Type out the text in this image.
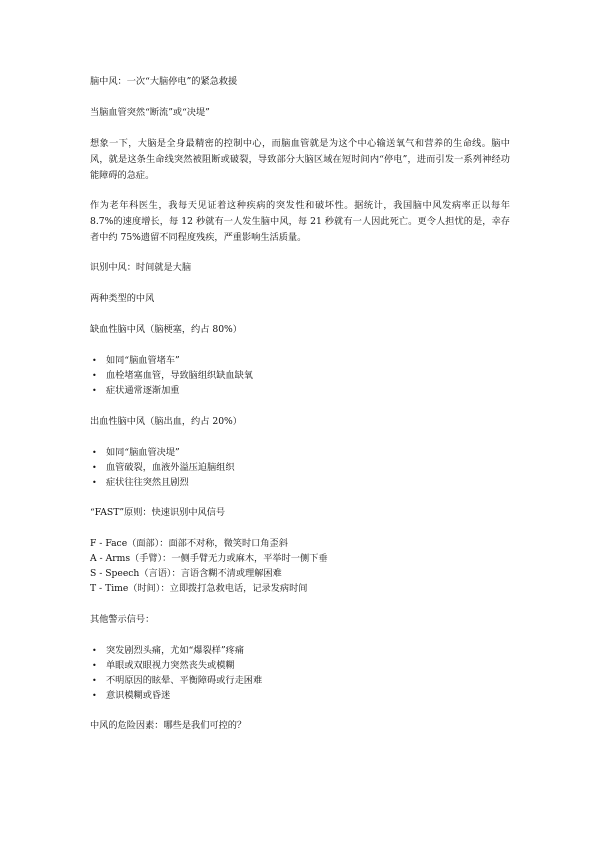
脑中风：一次“大脑停电”的紧急救援

当脑血管突然“断流”或“决堤”

想象一下，大脑是全身最精密的控制中心，而脑血管就是为这个中心输送氧气和营养的生命线。脑中风，就是这条生命线突然被阻断或破裂，导致部分大脑区域在短时间内“停电”，进而引发一系列神经功能障碍的急症。

作为老年科医生，我每天见证着这种疾病的突发性和破坏性。据统计，我国脑中风发病率正以每年 8.7%的速度增长，每 12 秒就有一人发生脑中风，每 21 秒就有一人因此死亡。更令人担忧的是，幸存者中约 75%遗留不同程度残疾，严重影响生活质量。

识别中风：时间就是大脑

两种类型的中风

缺血性脑中风（脑梗塞，约占 80%）

• 如同“脑血管堵车”
• 血栓堵塞血管，导致脑组织缺血缺氧
• 症状通常逐渐加重

出血性脑中风（脑出血，约占 20%）

• 如同“脑血管决堤”
• 血管破裂，血液外溢压迫脑组织
• 症状往往突然且剧烈

“FAST”原则：快速识别中风信号

F - Face（面部）：面部不对称，微笑时口角歪斜

A - Arms（手臂）：一侧手臂无力或麻木，平举时一侧下垂

S - Speech（言语）：言语含糊不清或理解困难

T - Time（时间）：立即拨打急救电话，记录发病时间

其他警示信号：

• 突发剧烈头痛，尤如“爆裂样”疼痛
• 单眼或双眼视力突然丧失或模糊
• 不明原因的眩晕、平衡障碍或行走困难
• 意识模糊或昏迷

中风的危险因素：哪些是我们可控的？
